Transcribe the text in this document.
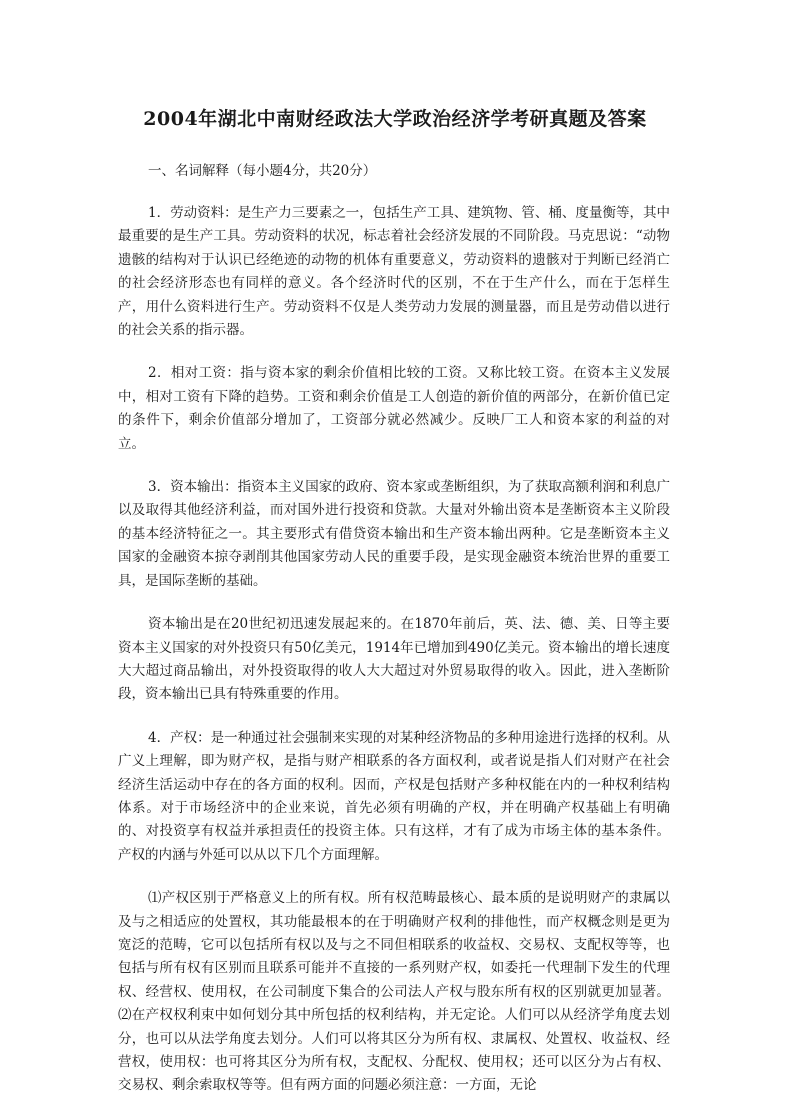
2004年湖北中南财经政法大学政治经济学考研真题及答案

一、名词解释（每小题4分，共20分）

1．劳动资料：是生产力三要素之一，包括生产工具、建筑物、管、桶、度量衡等，其中最重要的是生产工具。劳动资料的状况，标志着社会经济发展的不同阶段。马克思说：“动物遗骸的结构对于认识已经绝迹的动物的机体有重要意义，劳动资料的遗骸对于判断已经消亡的社会经济形态也有同样的意义。各个经济时代的区别，不在于生产什么，而在于怎样生产，用什么资料进行生产。劳动资料不仅是人类劳动力发展的测量器，而且是劳动借以进行的社会关系的指示器。

2．相对工资：指与资本家的剩余价值相比较的工资。又称比较工资。在资本主义发展中，相对工资有下降的趋势。工资和剩余价值是工人创造的新价值的两部分，在新价值已定的条件下，剩余价值部分增加了，工资部分就必然减少。反映厂工人和资本家的利益的对立。

3．资本输出：指资本主义国家的政府、资本家或垄断组织，为了获取高额利润和利息广以及取得其他经济利益，而对国外进行投资和贷款。大量对外输出资本是垄断资本主义阶段的基本经济特征之一。其主要形式有借贷资本输出和生产资本输出两种。它是垄断资本主义国家的金融资本掠夺剥削其他国家劳动人民的重要手段，是实现金融资本统治世界的重要工具，是国际垄断的基础。

资本输出是在20世纪初迅速发展起来的。在1870年前后，英、法、德、美、日等主要资本主义国家的对外投资只有50亿美元，1914年已增加到490亿美元。资本输出的增长速度大大超过商品输出，对外投资取得的收人大大超过对外贸易取得的收入。因此，进入垄断阶段，资本输出已具有特殊重要的作用。

4．产权：是一种通过社会强制来实现的对某种经济物品的多种用途进行选择的权利。从广义上理解，即为财产权，是指与财产相联系的各方面权利，或者说是指人们对财产在社会经济生活运动中存在的各方面的权利。因而，产权是包括财产多种权能在内的一种权利结构体系。对于市场经济中的企业来说，首先必须有明确的产权，并在明确产权基础上有明确的、对投资享有权益并承担责任的投资主体。只有这样，才有了成为市场主体的基本条件。产权的内涵与外延可以从以下几个方面理解。

⑴产权区别于严格意义上的所有权。所有权范畴最核心、最本质的是说明财产的隶属以及与之相适应的处置权，其功能最根本的在于明确财产权利的排他性，而产权概念则是更为宽泛的范畴，它可以包括所有权以及与之不同但相联系的收益权、交易权、支配权等等，也包括与所有权有区别而且联系可能并不直接的一系列财产权，如委托一代理制下发生的代理权、经营权、使用权，在公司制度下集合的公司法人产权与股东所有权的区别就更加显著。⑵在产权权利束中如何划分其中所包括的权利结构，并无定论。人们可以从经济学角度去划分，也可以从法学角度去划分。人们可以将其区分为所有权、隶属权、处置权、收益权、经营权，使用权：也可将其区分为所有权，支配权、分配权、使用权；还可以区分为占有权、交易权、剩余索取权等等。但有两方面的问题必须注意：一方面，无论
